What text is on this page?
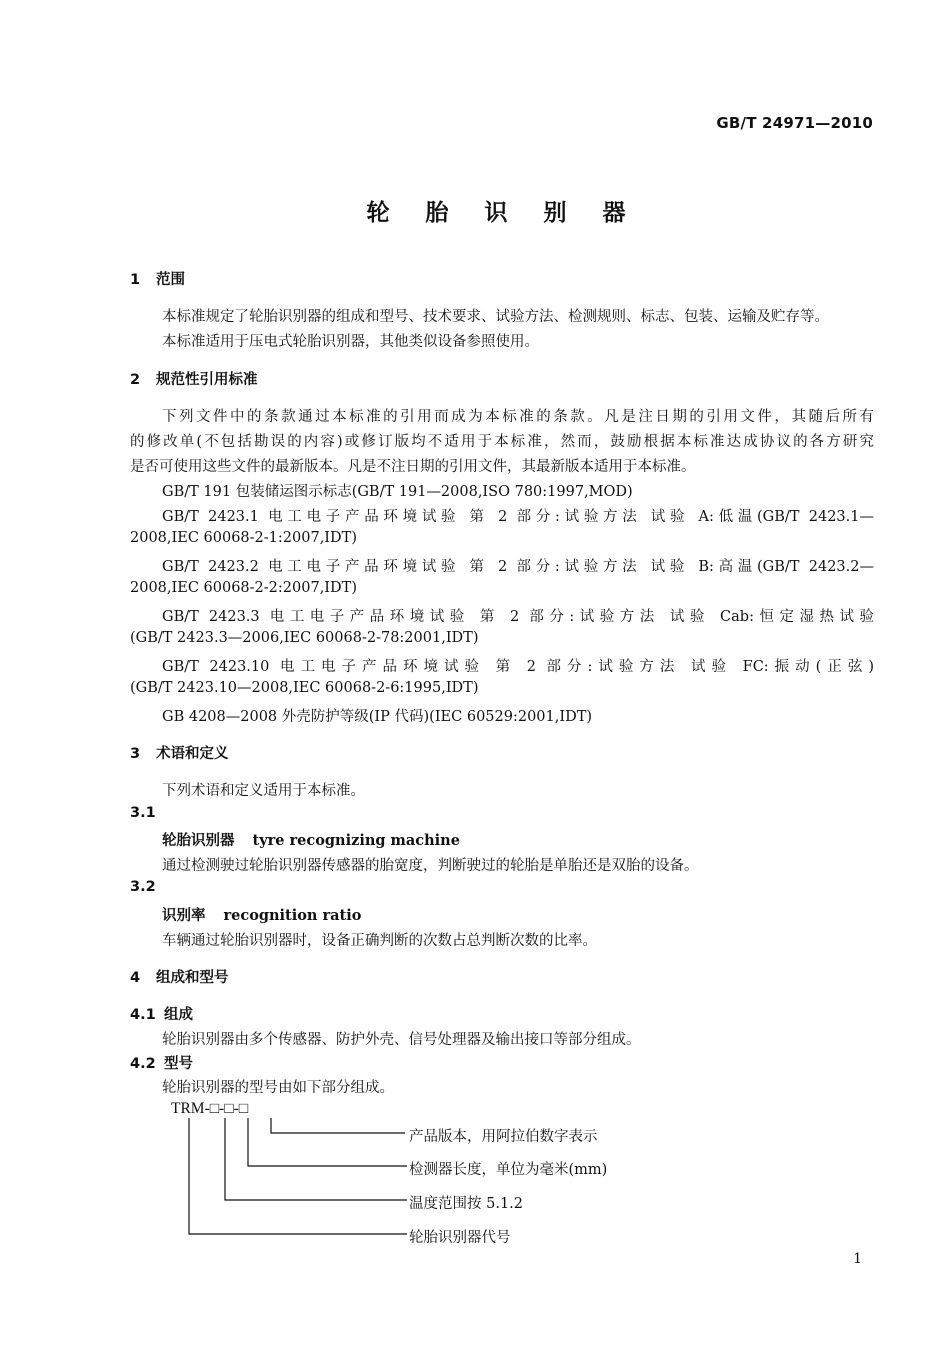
GB/T 24971—2010
轮 胎 识 别 器
1 范围
本标准规定了轮胎识别器的组成和型号、技术要求、试验方法、检测规则、标志、包装、运输及贮存等。
本标准适用于压电式轮胎识别器，其他类似设备参照使用。
2 规范性引用标准
下列文件中的条款通过本标准的引用而成为本标准的条款。凡是注日期的引用文件，其随后所有
的修改单(不包括勘误的内容)或修订版均不适用于本标准，然而，鼓励根据本标准达成协议的各方研究
是否可使用这些文件的最新版本。凡是不注日期的引用文件，其最新版本适用于本标准。
GB/T 191 包装储运图示标志(GB/T 191—2008,ISO 780:1997,MOD)
GB/T 2423.1 电工电子产品环境试验 第 2 部分:试验方法 试验 A:低温(GB/T 2423.1—
2008,IEC 60068-2-1:2007,IDT)
GB/T 2423.2 电工电子产品环境试验 第 2 部分:试验方法 试验 B:高温(GB/T 2423.2—
2008,IEC 60068-2-2:2007,IDT)
GB/T 2423.3 电工电子产品环境试验 第 2 部分:试验方法 试验 Cab:恒定湿热试验
(GB/T 2423.3—2006,IEC 60068-2-78:2001,IDT)
GB/T 2423.10 电工电子产品环境试验 第 2 部分:试验方法 试验 FC:振动(正弦)
(GB/T 2423.10—2008,IEC 60068-2-6:1995,IDT)
GB 4208—2008 外壳防护等级(IP 代码)(IEC 60529:2001,IDT)
3 术语和定义
下列术语和定义适用于本标准。
3.1
轮胎识别器 tyre recognizing machine
通过检测驶过轮胎识别器传感器的胎宽度，判断驶过的轮胎是单胎还是双胎的设备。
3.2
识别率 recognition ratio
车辆通过轮胎识别器时，设备正确判断的次数占总判断次数的比率。
4 组成和型号
4.1 组成
轮胎识别器由多个传感器、防护外壳、信号处理器及输出接口等部分组成。
4.2 型号
轮胎识别器的型号由如下部分组成。
TRM-□-□-□
产品版本，用阿拉伯数字表示
检测器长度，单位为毫米(mm)
温度范围按 5.1.2
轮胎识别器代号
1
